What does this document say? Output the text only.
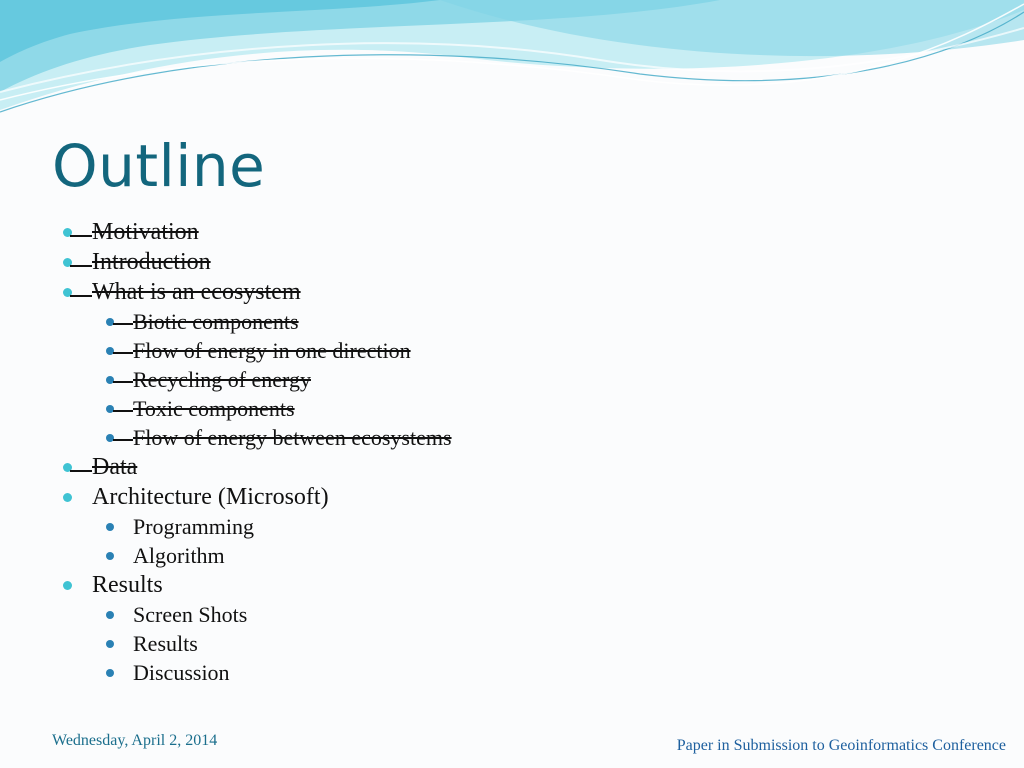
Outline
Motivation
Introduction
What is an ecosystem
Biotic components
Flow of energy in one direction
Recycling of energy
Toxic components
Flow of energy between ecosystems
Data
Architecture (Microsoft)
Programming
Algorithm
Results
Screen Shots
Results
Discussion
Wednesday, April 2, 2014	Paper in Submission to Geoinformatics Conference
